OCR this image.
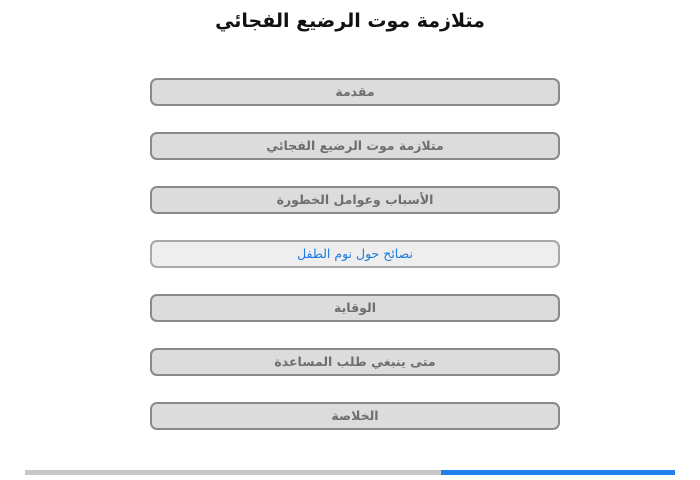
متلازمة موت الرضيع الفجائي
مقدمة
متلازمة موت الرضيع الفجائي
الأسباب وعوامل الخطورة
نصائح حول نوم الطفل
الوقاية
متى ينبغي طلب المساعدة
الخلاصة
